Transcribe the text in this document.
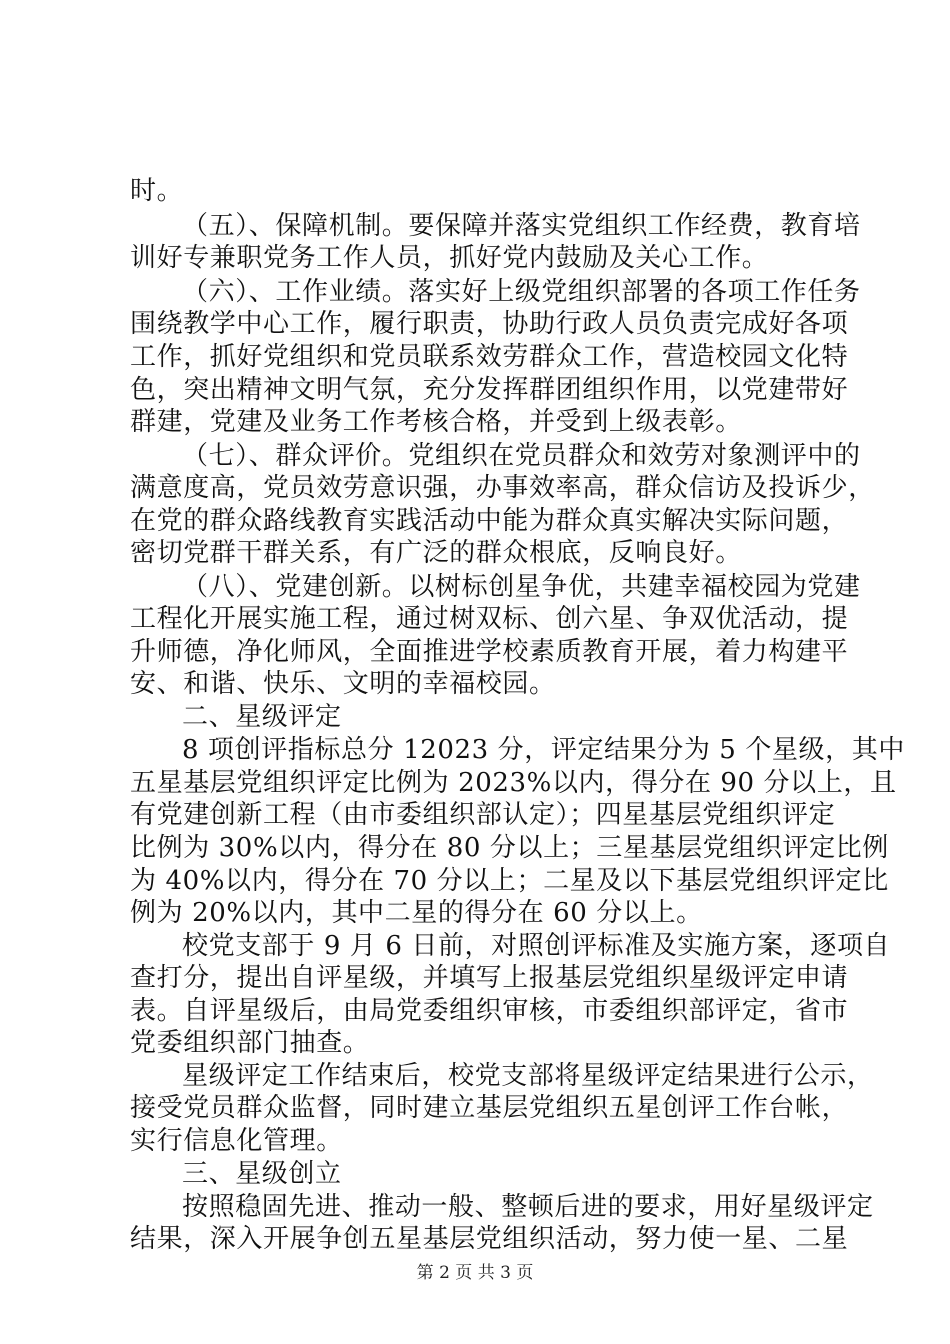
时。
（五）、保障机制。要保障并落实党组织工作经费，教育培
训好专兼职党务工作人员，抓好党内鼓励及关心工作。
（六）、工作业绩。落实好上级党组织部署的各项工作任务
围绕教学中心工作，履行职责，协助行政人员负责完成好各项
工作，抓好党组织和党员联系效劳群众工作，营造校园文化特
色，突出精神文明气氛，充分发挥群团组织作用，以党建带好
群建，党建及业务工作考核合格，并受到上级表彰。
（七）、群众评价。党组织在党员群众和效劳对象测评中的
满意度高，党员效劳意识强，办事效率高，群众信访及投诉少，
在党的群众路线教育实践活动中能为群众真实解决实际问题，
密切党群干群关系，有广泛的群众根底，反响良好。
（八）、党建创新。以树标创星争优，共建幸福校园为党建
工程化开展实施工程，通过树双标、创六星、争双优活动，提
升师德，净化师风，全面推进学校素质教育开展，着力构建平
安、和谐、快乐、文明的幸福校园。
二、星级评定
8 项创评指标总分 12023 分，评定结果分为 5 个星级，其中
五星基层党组织评定比例为 2023%以内，得分在 90 分以上，且
有党建创新工程（由市委组织部认定）；四星基层党组织评定
比例为 30%以内，得分在 80 分以上；三星基层党组织评定比例
为 40%以内，得分在 70 分以上；二星及以下基层党组织评定比
例为 20%以内，其中二星的得分在 60 分以上。
校党支部于 9 月 6 日前，对照创评标准及实施方案，逐项自
查打分，提出自评星级，并填写上报基层党组织星级评定申请
表。自评星级后，由局党委组织审核，市委组织部评定，省市
党委组织部门抽查。
星级评定工作结束后，校党支部将星级评定结果进行公示，
接受党员群众监督，同时建立基层党组织五星创评工作台帐，
实行信息化管理。
三、星级创立
按照稳固先进、推动一般、整顿后进的要求，用好星级评定
结果，深入开展争创五星基层党组织活动，努力使一星、二星
第 2 页 共 3 页
